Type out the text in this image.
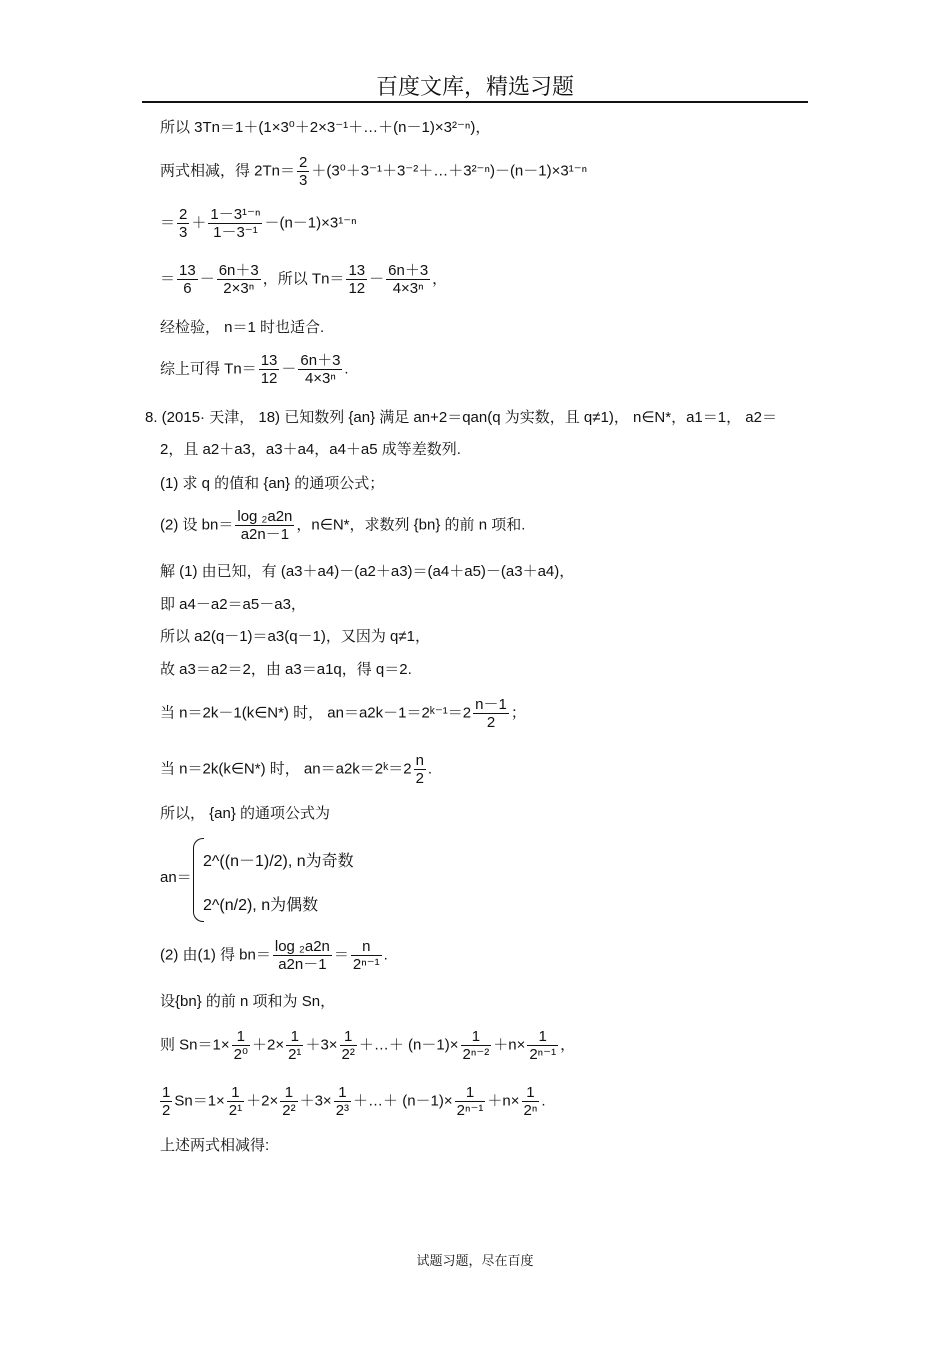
百度文库，精选习题
所以 3Tn＝1＋(1×3⁰＋2×3⁻¹＋…＋(n－1)×3²⁻ⁿ)，
两式相减，得 $2Tn= \frac{2}{3}$ ＋(3⁰＋3⁻¹＋3⁻²＋…＋3²⁻ⁿ)－(n－1)×3¹⁻ⁿ
＝ $\frac{2}{3} + \frac{\text{1－3¹⁻ⁿ}}{\text{1－3⁻¹}} -(n-1)\times 3^{1-n}$
＝ $\frac{13}{6} - \frac{6n+3}{\text{2×3ⁿ}}$ ，所以 $Tn= \frac{13}{12} - \frac{6n+3}{\text{4×3ⁿ}}$ ，
经检验， n＝1 时也适合.
综上可得 $Tn= \frac{13}{12} - \frac{6n+3}{\text{4×3ⁿ}}$ .
8. (2015· 天津， 18) 已知数列 {an} 满足 an+2＝qan(q 为实数，且 q≠1)， n∈N*，a1＝1， a2＝
2，且 a2＋a3，a3＋a4，a4＋a5 成等差数列.
(1) 求 q 的值和 {an} 的通项公式；
(2) 设 $bn= \frac{\text{log ₂a2n}}{a2n-1}$ ，n∈N*，求数列 {bn} 的前 n 项和.
解 (1) 由已知，有 (a3＋a4)－(a2＋a3)＝(a4＋a5)－(a3＋a4)，
即 a4－a2＝a5－a3，
所以 a2(q－1)＝a3(q－1)，又因为 q≠1，
故 a3＝a2＝2，由 a3＝a1q，得 q＝2.
当 n＝2k－1(k∈N*) 时， an＝a2k－1＝2ᵏ⁻¹＝2 $\frac{n-1}{2}$ ；
当 n＝2k(k∈N*) 时， an＝a2k＝2ᵏ＝2 $\frac{n}{2}$ .
所以， {an} 的通项公式为
an＝
2^((n－1)/2), n为奇数
2^(n/2), n为偶数
(2) 由(1) 得 $bn= \frac{\text{log ₂a2n}}{a2n-1} = \frac{n}{\text{2ⁿ⁻¹}}$ .
设{bn} 的前 n 项和为 Sn，
则 $Sn=1\times \frac{1}{\text{2⁰}} +2\times \frac{1}{\text{2¹}} +3\times \frac{1}{\text{2²}}$ ＋…＋ $(n-1)\times \frac{1}{\text{2ⁿ⁻²}} +n\times \frac{1}{\text{2ⁿ⁻¹}}$ ，
$\frac{1}{2} Sn=1\times \frac{1}{\text{2¹}} +2\times \frac{1}{\text{2²}} +3\times \frac{1}{\text{2³}}$ ＋…＋ $(n-1)\times \frac{1}{\text{2ⁿ⁻¹}} +n\times \frac{1}{\text{2ⁿ}}$ .
上述两式相减得:
试题习题，尽在百度
